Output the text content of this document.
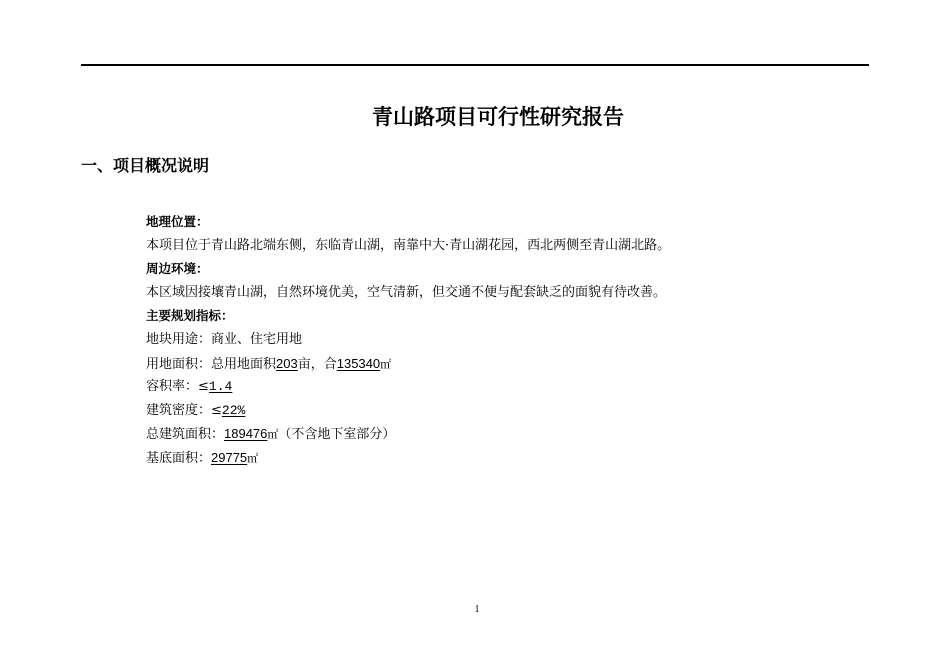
青山路项目可行性研究报告
一、项目概况说明
地理位置：
本项目位于青山路北端东侧，东临青山湖，南靠中大·青山湖花园，西北两侧至青山湖北路。
周边环境：
本区域因接壤青山湖，自然环境优美，空气清新，但交通不便与配套缺乏的面貌有待改善。
主要规划指标：
地块用途：商业、住宅用地
用地面积：总用地面积203亩，合135340㎡
容积率：≤1.4
建筑密度：≤22%
总建筑面积：189476㎡（不含地下室部分）
基底面积：29775㎡
1
